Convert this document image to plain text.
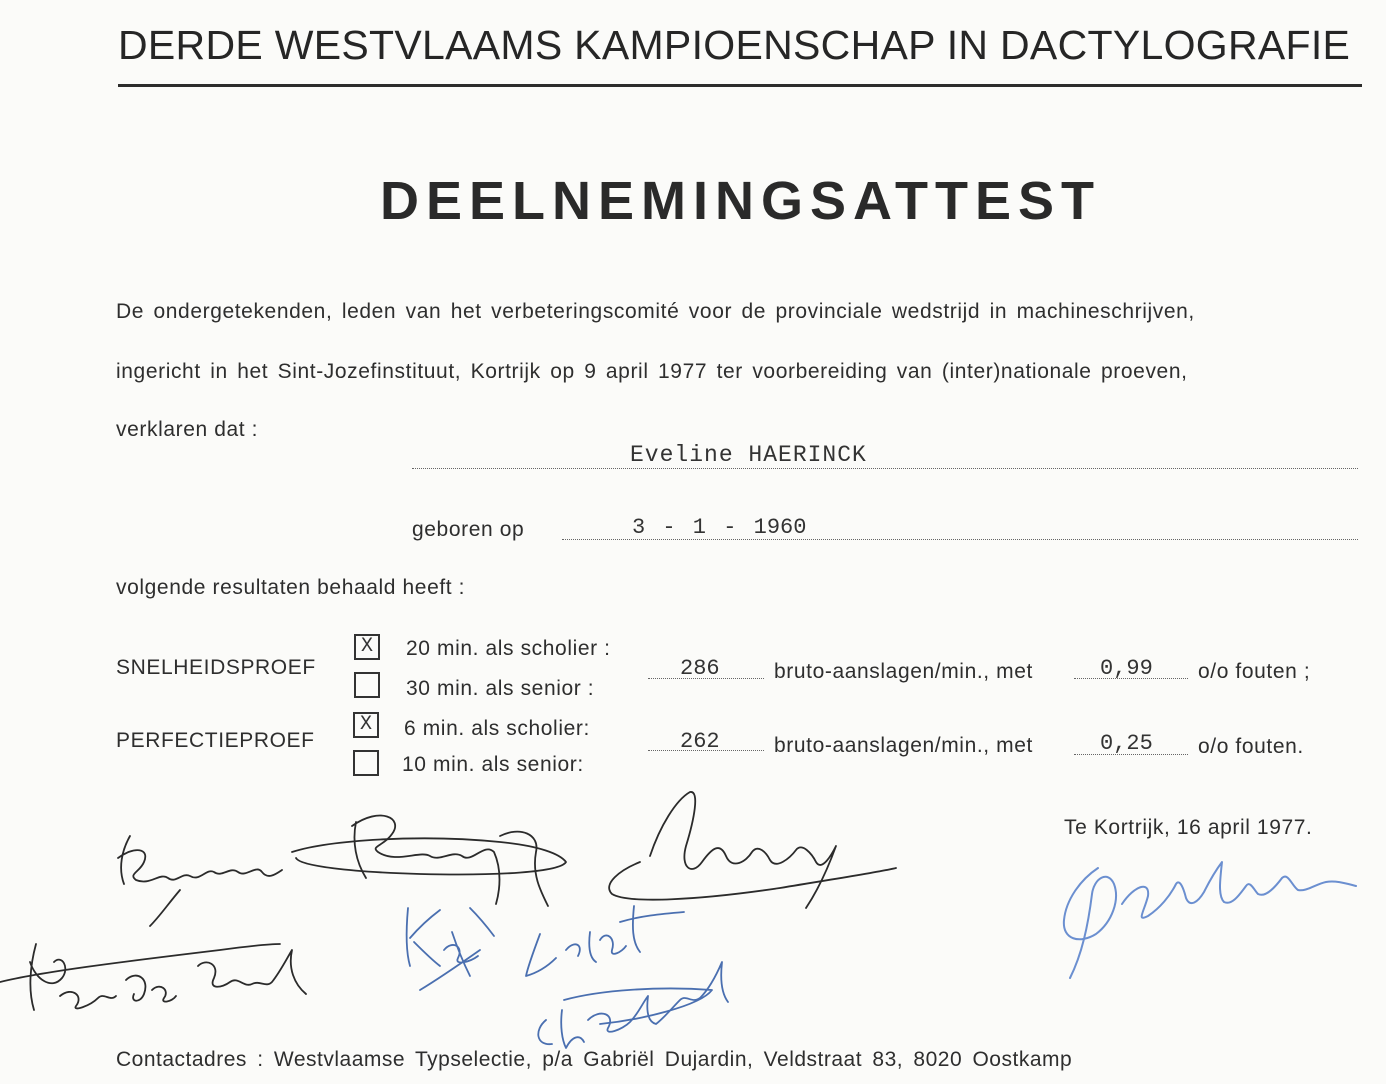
DERDE WESTVLAAMS KAMPIOENSCHAP IN DACTYLOGRAFIE
DEELNEMINGSATTEST
De ondergetekenden, leden van het verbeteringscomité voor de provinciale wedstrijd in machineschrijven,
ingericht in het Sint-Jozefinstituut, Kortrijk op 9 april 1977 ter voorbereiding van (inter)nationale proeven,
verklaren dat :
Eveline HAERINCK
geboren op	3 - 1 - 1960
volgende resultaten behaald heeft :
SNELHEIDSPROEF
X	20 min. als scholier :
30 min. als senior :
286	bruto-aanslagen/min., met	0,99 o/o fouten ;
PERFECTIEPROEF
X	6 min. als scholier:
10 min. als senior:
262	bruto-aanslagen/min., met	0,25 o/o fouten.
Te Kortrijk, 16 april 1977.
Contactadres : Westvlaamse Typselectie, p/a Gabriël Dujardin, Veldstraat 83, 8020 Oostkamp
